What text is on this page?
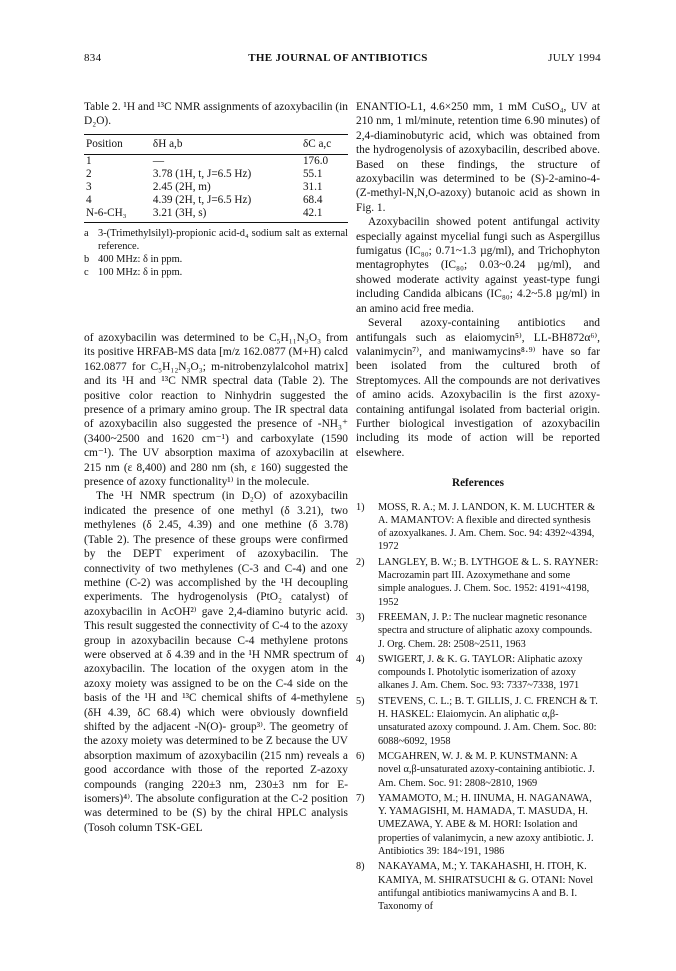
834	THE JOURNAL OF ANTIBIOTICS	JULY 1994
Table 2. ¹H and ¹³C NMR assignments of azoxybacilin (in D₂O).
Position	δH a,b	δC a,c
1	—	176.0
2	3.78 (1H, t, J=6.5 Hz)	55.1
3	2.45 (2H, m)	31.1
4	4.39 (2H, t, J=6.5 Hz)	68.4
N-6-CH₃	3.21 (3H, s)	42.1
a 3-(Trimethylsilyl)-propionic acid-d₄ sodium salt as external reference.
b 400 MHz: δ in ppm.
c 100 MHz: δ in ppm.

of azoxybacilin was determined to be C₅H₁₁N₃O₃ from its positive HRFAB-MS data [m/z 162.0877 (M+H) calcd 162.0877 for C₅H₁₂N₃O₃; m-nitrobenzylalcohol matrix] and its ¹H and ¹³C NMR spectral data (Table 2). The positive color reaction to Ninhydrin suggested the presence of a primary amino group. The IR spectral data of azoxybacilin also suggested the presence of -NH₃⁺ (3400~2500 and 1620 cm⁻¹) and carboxylate (1590 cm⁻¹). The UV absorption maxima of azoxybacilin at 215 nm (ε 8,400) and 280 nm (sh, ε 160) suggested the presence of azoxy functionality¹⁾ in the molecule.

The ¹H NMR spectrum (in D₂O) of azoxybacilin indicated the presence of one methyl (δ 3.21), two methylenes (δ 2.45, 4.39) and one methine (δ 3.78) (Table 2). The presence of these groups were confirmed by the DEPT experiment of azoxybacilin. The connectivity of two methylenes (C-3 and C-4) and one methine (C-2) was accomplished by the ¹H decoupling experiments. The hydrogenolysis (PtO₂ catalyst) of azoxybacilin in AcOH²⁾ gave 2,4-diamino butyric acid. This result suggested the connectivity of C-4 to the azoxy group in azoxybacilin because C-4 methylene protons were observed at δ 4.39 and in the ¹H NMR spectrum of azoxybacilin. The location of the oxygen atom in the azoxy moiety was assigned to be on the C-4 side on the basis of the ¹H and ¹³C chemical shifts of 4-methylene (δH 4.39, δC 68.4) which were obviously downfield shifted by the adjacent -N(O)- group³⁾. The geometry of the azoxy moiety was determined to be Z because the UV absorption maximum of azoxybacilin (215 nm) reveals a good accordance with those of the reported Z-azoxy compounds (ranging 220±3 nm, 230±3 nm for E-isomers)⁴⁾. The absolute configuration at the C-2 position was determined to be (S) by the chiral HPLC analysis (Tosoh column TSK-GEL

ENANTIO-L1, 4.6×250 mm, 1 mM CuSO₄, UV at 210 nm, 1 ml/minute, retention time 6.90 minutes) of 2,4-diaminobutyric acid, which was obtained from the hydrogenolysis of azoxybacilin, described above. Based on these findings, the structure of azoxybacilin was determined to be (S)-2-amino-4-(Z-methyl-N,N,O-azoxy) butanoic acid as shown in Fig. 1.

Azoxybacilin showed potent antifungal activity especially against mycelial fungi such as Aspergillus fumigatus (IC₈₀; 0.71~1.3 µg/ml), and Trichophyton mentagrophytes (IC₈₀; 0.03~0.24 µg/ml), and showed moderate activity against yeast-type fungi including Candida albicans (IC₈₀; 4.2~5.8 µg/ml) in an amino acid free media.

Several azoxy-containing antibiotics and antifungals such as elaiomycin⁵⁾, LL-BH872α⁶⁾, valanimycin⁷⁾, and maniwamycins⁸·⁹⁾ have so far been isolated from the cultured broth of Streptomyces. All the compounds are not derivatives of amino acids. Azoxybacilin is the first azoxy-containing antifungal isolated from bacterial origin. Further biological investigation of azoxybacilin including its mode of action will be reported elsewhere.

References
1)	MOSS, R. A.; M. J. LANDON, K. M. LUCHTER & A. MAMANTOV: A flexible and directed synthesis of azoxyalkanes. J. Am. Chem. Soc. 94: 4392~4394, 1972
2)	LANGLEY, B. W.; B. LYTHGOE & L. S. RAYNER: Macrozamin part III. Azoxymethane and some simple analogues. J. Chem. Soc. 1952: 4191~4198, 1952
3)	FREEMAN, J. P.: The nuclear magnetic resonance spectra and structure of aliphatic azoxy compounds. J. Org. Chem. 28: 2508~2511, 1963
4)	SWIGERT, J. & K. G. TAYLOR: Aliphatic azoxy compounds I. Photolytic isomerization of azoxy alkanes J. Am. Chem. Soc. 93: 7337~7338, 1971
5)	STEVENS, C. L.; B. T. GILLIS, J. C. FRENCH & T. H. HASKEL: Elaiomycin. An aliphatic α,β-unsaturated azoxy compound. J. Am. Chem. Soc. 80: 6088~6092, 1958
6)	MCGAHREN, W. J. & M. P. KUNSTMANN: A novel α,β-unsaturated azoxy-containing antibiotic. J. Am. Chem. Soc. 91: 2808~2810, 1969
7)	YAMAMOTO, M.; H. IINUMA, H. NAGANAWA, Y. YAMAGISHI, M. HAMADA, T. MASUDA, H. UMEZAWA, Y. ABE & M. HORI: Isolation and properties of valanimycin, a new azoxy antibiotic. J. Antibiotics 39: 184~191, 1986
8)	NAKAYAMA, M.; Y. TAKAHASHI, H. ITOH, K. KAMIYA, M. SHIRATSUCHI & G. OTANI: Novel antifungal antibiotics maniwamycins A and B. I. Taxonomy of
